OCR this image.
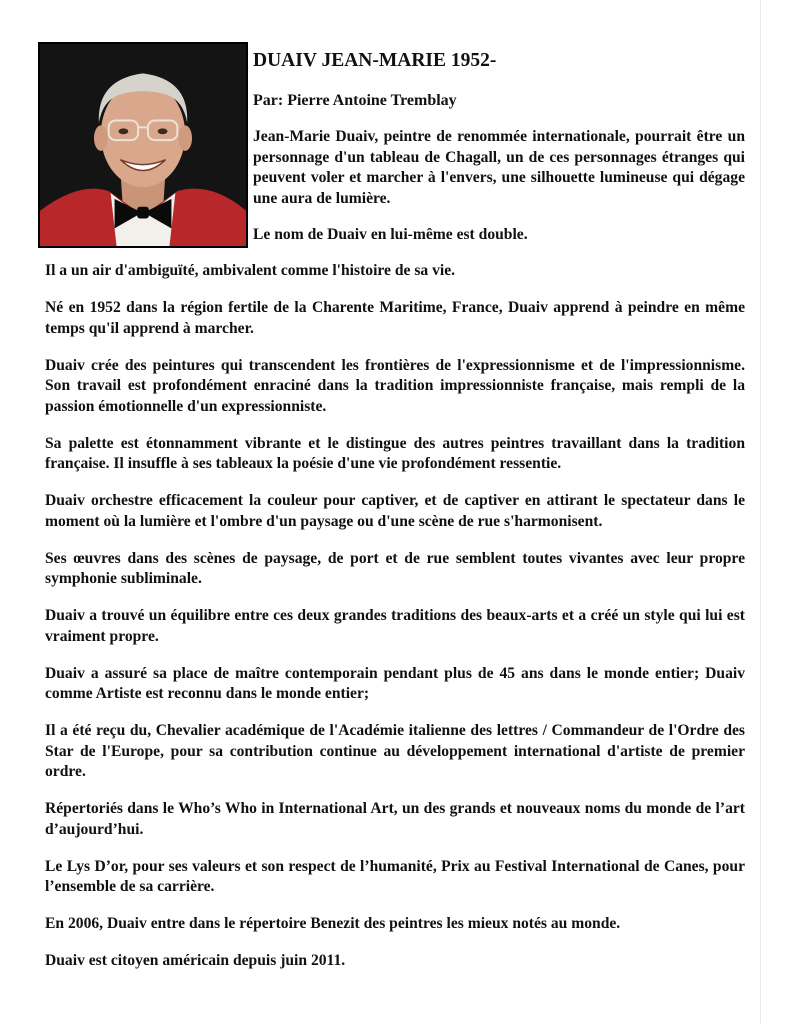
DUAIV JEAN-MARIE 1952-
Par: Pierre Antoine Tremblay

Jean-Marie Duaiv, peintre de renommée internationale, pourrait être un personnage d'un tableau de Chagall, un de ces personnages étranges qui peuvent voler et marcher à l'envers, une silhouette lumineuse qui dégage une aura de lumière.

Le nom de Duaiv en lui-même est double.

Il a un air d'ambiguïté, ambivalent comme l'histoire de sa vie.

Né en 1952 dans la région fertile de la Charente Maritime, France, Duaiv apprend à peindre en même temps qu'il apprend à marcher.

Duaiv crée des peintures qui transcendent les frontières de l'expressionnisme et de l'impressionnisme. Son travail est profondément enraciné dans la tradition impressionniste française, mais rempli de la passion émotionnelle d'un expressionniste.

Sa palette est étonnamment vibrante et le distingue des autres peintres travaillant dans la tradition française. Il insuffle à ses tableaux la poésie d'une vie profondément ressentie.

Duaiv orchestre efficacement la couleur pour captiver, et de captiver en attirant le spectateur dans le moment où la lumière et l'ombre d'un paysage ou d'une scène de rue s'harmonisent.

Ses œuvres dans des scènes de paysage, de port et de rue semblent toutes vivantes avec leur propre symphonie subliminale.

Duaiv a trouvé un équilibre entre ces deux grandes traditions des beaux-arts et a créé un style qui lui est vraiment propre.

Duaiv a assuré sa place de maître contemporain pendant plus de 45 ans dans le monde entier; Duaiv comme Artiste est reconnu dans le monde entier;

Il a été reçu du, Chevalier académique de l'Académie italienne des lettres / Commandeur de l'Ordre des Star de l'Europe, pour sa contribution continue au développement international d'artiste de premier ordre.

Répertoriés dans le Who’s Who in International Art, un des grands et nouveaux noms du monde de l’art d’aujourd’hui.

Le Lys D’or, pour ses valeurs et son respect de l’humanité, Prix au Festival International de Canes, pour l’ensemble de sa carrière.

En 2006, Duaiv entre dans le répertoire Benezit des peintres les mieux notés au monde.

Duaiv est citoyen américain depuis juin 2011.
